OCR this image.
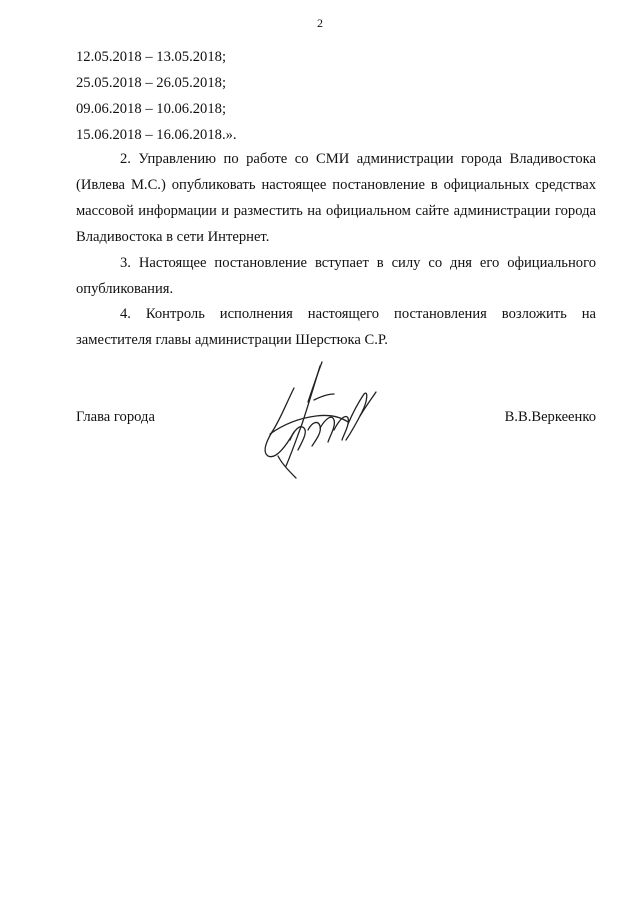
2
12.05.2018 – 13.05.2018;
25.05.2018 – 26.05.2018;
09.06.2018 – 10.06.2018;
15.06.2018 – 16.06.2018.».

2. Управлению по работе со СМИ администрации города Владивостока (Ивлева М.С.) опубликовать настоящее постановление в официальных средствах массовой информации и разместить на официальном сайте администрации города Владивостока в сети Интернет.

3. Настоящее постановление вступает в силу со дня его официального опубликования.

4. Контроль исполнения настоящего постановления возложить на заместителя главы администрации Шерстюка С.Р.

Глава города	В.В.Веркеенко
